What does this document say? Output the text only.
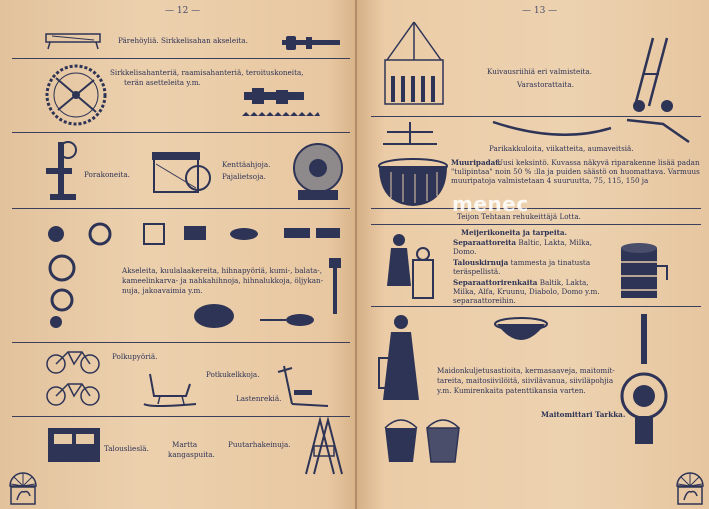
— 12 —
Pärehöyliä. Sirkkelisahan akseleita.
Sirkkelisahanteriä, raamisahanteriä, teroituskoneita,
terän asetteleita y.m.
Porakoneita.
Kenttäahjoja.
Pajalietsoja.
Akseleita, kuulalaakereita, hihnapyöriä, kumi-, balata-,
kameelinkarva- ja nahkahihnoja, hihnalukkoja, öljykan-
nuja, jakoavaimia y.m.
Polkupyöriä.
Potkukelkkoja.
Lastenrekiä.
Talouslieslä.	Martta
kangaspuita.
Puutarhakeinuja.
— 13 —
Kuivausriihiä eri valmisteita.
Varastorattaita.
Parikakkuloita, viikatteita, aumaveitsiä.
Muuripadat:
Uusi keksintö. Kuvassa näkyvä riparakenne lisää padan "tulipintaa" noin 50 % :lla ja puiden säästö on huomattava. Varmuus muuripatoja valmistetaan 4 suuruutta, 75, 115, 150 ja
Teijon Tehtaan rehukeittäjä Lotta.
Meijerikoneita ja tarpeita.
Separaattoreita Baltic, Lakta, Milka, Domo.
Talouskirnuja tammesta ja tinatusta teräspellistä.
Separaattorirenkaita Baltik, Lakta, Milka, Alfa, Kruunu, Diabolo, Domo y.m. separaattoreihin.
Maidonkuljetusastioita, kermasaaveja, maitomit-
tareita, maitosiivilöitä, siivilävanua, siiviläpohjia
y.m. Kumirenkaita patenttikansia varten.
Maitomittari Tarkka.
menec
